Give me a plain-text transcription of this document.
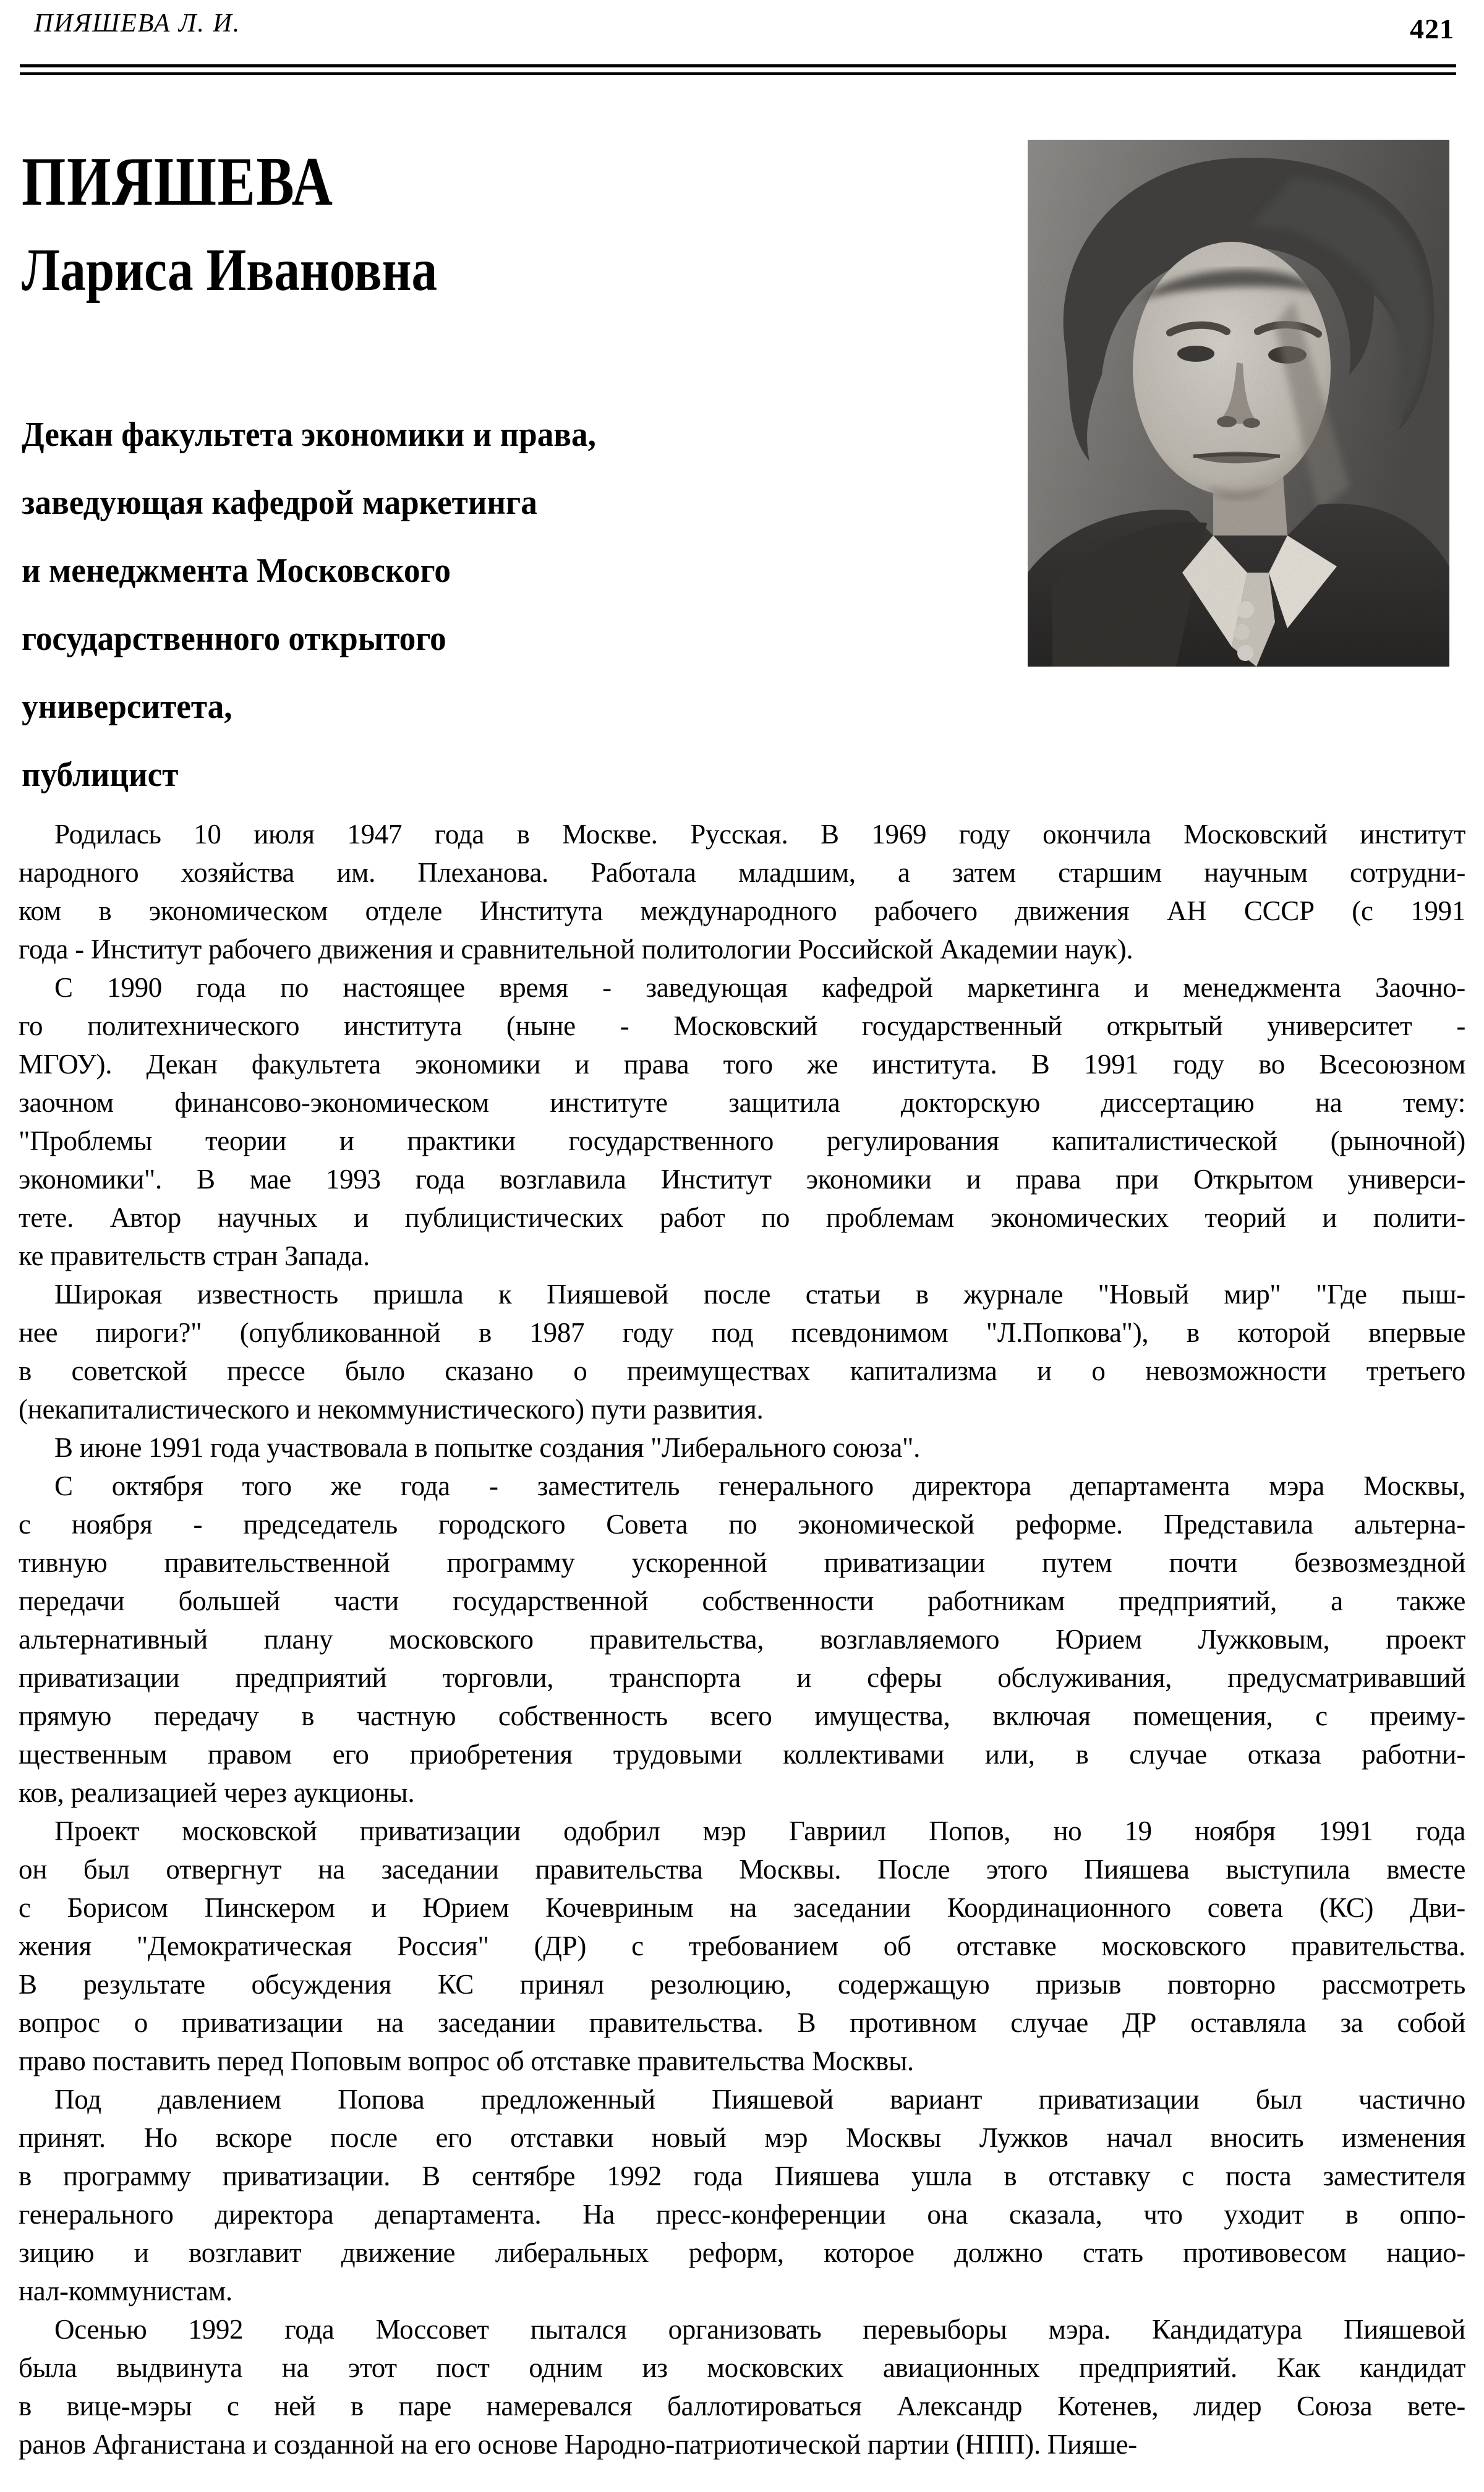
ПИЯШЕВА Л. И.	421
ПИЯШЕВА
Лариса Ивановна
Декан факультета экономики и права,
заведующая кафедрой маркетинга
и менеджмента Московского
государственного открытого
университета,
публицист
Родилась 10 июля 1947 года в Москве. Русская. В 1969 году окончила Московский институт
народного хозяйства им. Плеханова. Работала младшим, а затем старшим научным сотрудни-
ком в экономическом отделе Института международного рабочего движения АН СССР (с 1991
года - Институт рабочего движения и сравнительной политологии Российской Академии наук).
С 1990 года по настоящее время - заведующая кафедрой маркетинга и менеджмента Заочно-
го политехнического института (ныне - Московский государственный открытый университет -
МГОУ). Декан факультета экономики и права того же института. В 1991 году во Всесоюзном
заочном финансово-экономическом институте защитила докторскую диссертацию на тему:
"Проблемы теории и практики государственного регулирования капиталистической (рыночной)
экономики". В мае 1993 года возглавила Институт экономики и права при Открытом универси-
тете. Автор научных и публицистических работ по проблемам экономических теорий и полити-
ке правительств стран Запада.
Широкая известность пришла к Пияшевой после статьи в журнале "Новый мир" "Где пыш-
нее пироги?" (опубликованной в 1987 году под псевдонимом "Л.Попкова"), в которой впервые
в советской прессе было сказано о преимуществах капитализма и о невозможности третьего
(некапиталистического и некоммунистического) пути развития.
В июне 1991 года участвовала в попытке создания "Либерального союза".
С октября того же года - заместитель генерального директора департамента мэра Москвы,
с ноября - председатель городского Совета по экономической реформе. Представила альтерна-
тивную правительственной программу ускоренной приватизации путем почти безвозмездной
передачи большей части государственной собственности работникам предприятий, а также
альтернативный плану московского правительства, возглавляемого Юрием Лужковым, проект
приватизации предприятий торговли, транспорта и сферы обслуживания, предусматривавший
прямую передачу в частную собственность всего имущества, включая помещения, с преиму-
щественным правом его приобретения трудовыми коллективами или, в случае отказа работни-
ков, реализацией через аукционы.
Проект московской приватизации одобрил мэр Гавриил Попов, но 19 ноября 1991 года
он был отвергнут на заседании правительства Москвы. После этого Пияшева выступила вместе
с Борисом Пинскером и Юрием Кочевриным на заседании Координационного совета (КС) Дви-
жения "Демократическая Россия" (ДР) с требованием об отставке московского правительства.
В результате обсуждения КС принял резолюцию, содержащую призыв повторно рассмотреть
вопрос о приватизации на заседании правительства. В противном случае ДР оставляла за собой
право поставить перед Поповым вопрос об отставке правительства Москвы.
Под давлением Попова предложенный Пияшевой вариант приватизации был частично
принят. Но вскоре после его отставки новый мэр Москвы Лужков начал вносить изменения
в программу приватизации. В сентябре 1992 года Пияшева ушла в отставку с поста заместителя
генерального директора департамента. На пресс-конференции она сказала, что уходит в оппо-
зицию и возглавит движение либеральных реформ, которое должно стать противовесом нацио-
нал-коммунистам.
Осенью 1992 года Моссовет пытался организовать перевыборы мэра. Кандидатура Пияшевой
была выдвинута на этот пост одним из московских авиационных предприятий. Как кандидат
в вице-мэры с ней в паре намеревался баллотироваться Александр Котенев, лидер Союза вете-
ранов Афганистана и созданной на его основе Народно-патриотической партии (НПП). Пияше-
